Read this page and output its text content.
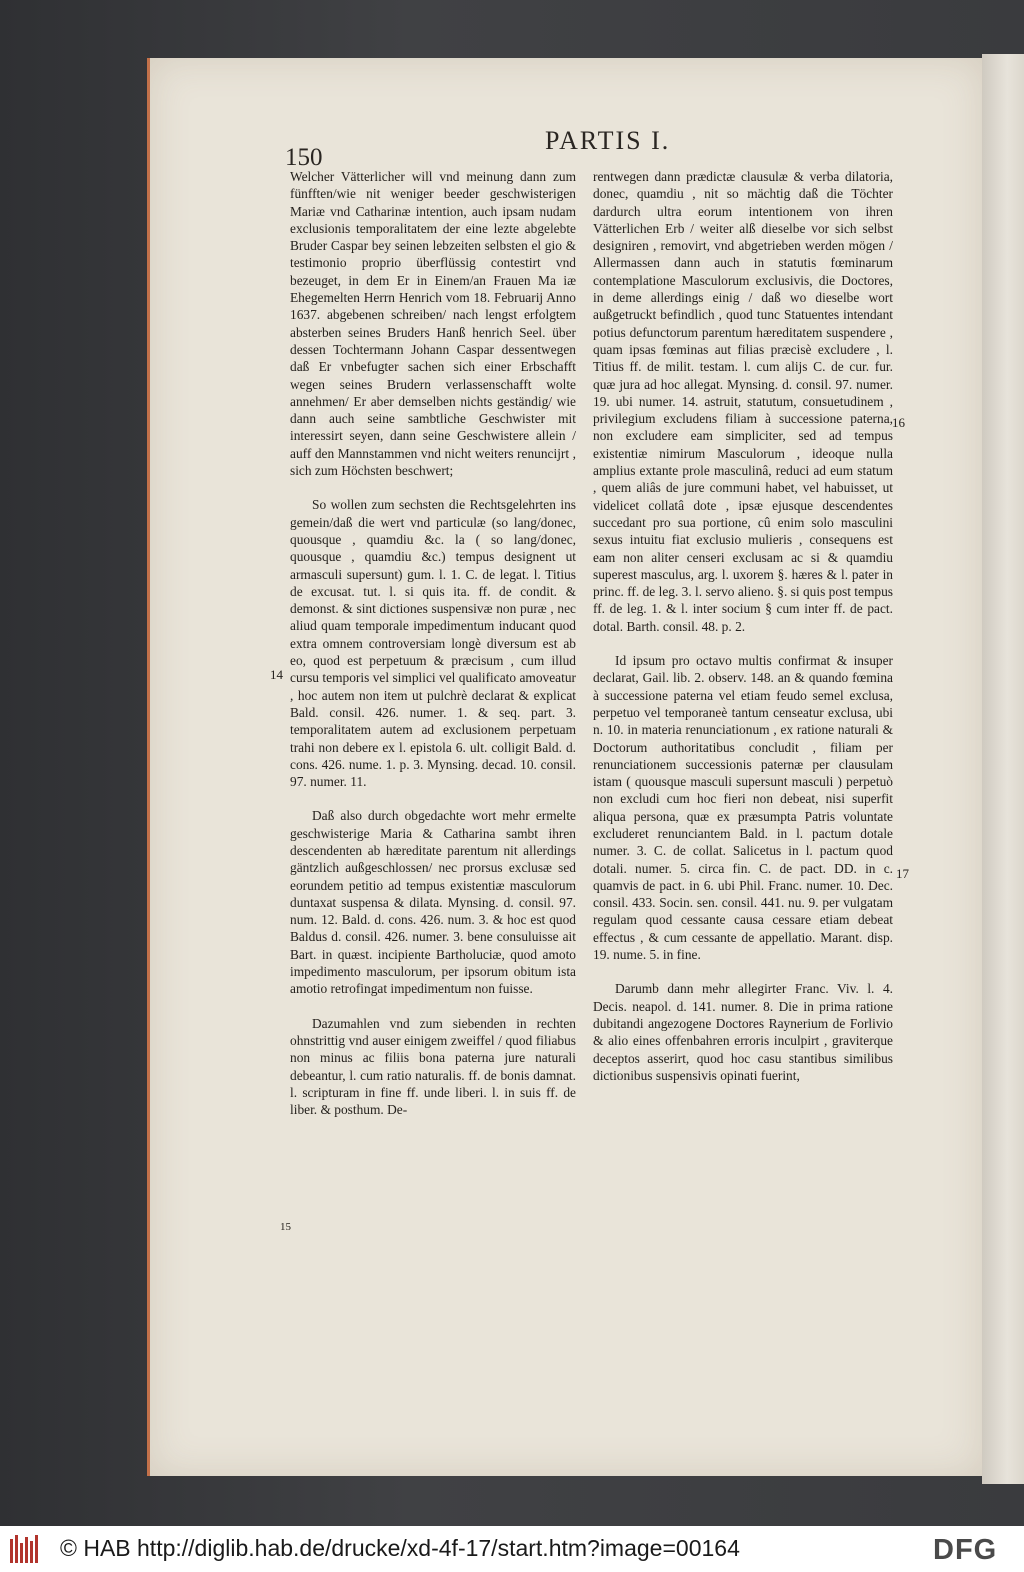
150
PARTIS I.

Welcher Vätterlicher will vnd meinung dann zum fünfften/wie nit weniger beeder geschwisterigen Mariæ vnd Catharinæ intention, auch ipsam nudam exclusionis temporalitatem der eine lezte abgelebte Bruder Caspar bey seinen lebzeiten selbsten el gio & testimonio proprio überflüssig contestirt vnd bezeuget, in dem Er in Einem/an Frauen Ma iæ Ehegemelten Herrn Henrich vom 18. Februarij Anno 1637. abgebenen schreiben/ nach lengst erfolgtem absterben seines Bruders Hanß henrich Seel. über dessen Tochtermann Johann Caspar dessentwegen daß Er vnbefugter sachen sich einer Erbschafft wegen seines Brudern verlassenschafft wolte annehmen/ Er aber demselben nichts geständig/ wie dann auch seine sambtliche Geschwister mit interessirt seyen, dann seine Geschwistere allein / auff den Mannstammen vnd nicht weiters renuncijrt , sich zum Höchsten beschwert;

So wollen zum sechsten die Rechtsgelehrten ins gemein/daß die wert vnd particulæ (so lang/donec, quousque , quamdiu &c. la ( so lang/donec, quousque , quamdiu &c.) tempus designent ut armasculi supersunt) gum. l. 1. C. de legat. l. Titius de excusat. tut. l. si quis ita. ff. de condit. & demonst. & sint dictiones suspensivæ non puræ , nec aliud quam temporale impedimentum inducant quod extra omnem controversiam longè diversum est ab eo, quod est perpetuum & præcisum , cum illud cursu temporis vel simplici vel qualificato amoveatur , hoc autem non item ut pulchrè declarat & explicat Bald. consil. 426. numer. 1. & seq. part. 3. temporalitatem autem ad exclusionem perpetuam trahi non debere ex l. epistola 6. ult. colligit Bald. d. cons. 426. nume. 1. p. 3. Mynsing. decad. 10. consil. 97. numer. 11.

Daß also durch obgedachte wort mehr ermelte geschwisterige Maria & Catharina sambt ihren descendenten ab hæreditate parentum nit allerdings gäntzlich außgeschlossen/ nec prorsus exclusæ sed eorundem petitio ad tempus existentiæ masculorum duntaxat suspensa & dilata. Mynsing. d. consil. 97. num. 12. Bald. d. cons. 426. num. 3. & hoc est quod Baldus d. consil. 426. numer. 3. bene consuluisse ait Bart. in quæst. incipiente Bartholuciæ, quod amoto impedimento masculorum, per ipsorum obitum ista amotio retrofingat impedimentum non fuisse.

Dazumahlen vnd zum siebenden in rechten ohnstrittig vnd auser einigem zweiffel / quod filiabus non minus ac filiis bona paterna jure naturali debeantur, l. cum ratio naturalis. ff. de bonis damnat. l. scripturam in fine ff. unde liberi. l. in suis ff. de liber. & posthum. De-

rentwegen dann prædictæ clausulæ & verba dilatoria, donec, quamdiu , nit so mächtig daß die Töchter dardurch ultra eorum intentionem von ihren Vätterlichen Erb / weiter alß dieselbe vor sich selbst designiren , removirt, vnd abgetrieben werden mögen / Allermassen dann auch in statutis fœminarum contemplatione Masculorum exclusivis, die Doctores, in deme allerdings einig / daß wo dieselbe wort außgetruckt befindlich , quod tunc Statuentes intendant potius defunctorum parentum hæreditatem suspendere , quam ipsas fœminas aut filias præcisè excludere , l. Titius ff. de milit. testam. l. cum alijs C. de cur. fur. quæ jura ad hoc allegat. Mynsing. d. consil. 97. numer. 19. ubi numer. 14. astruit, statutum, consuetudinem , privilegium excludens filiam à successione paterna, non excludere eam simpliciter, sed ad tempus existentiæ nimirum Masculorum , ideoque nulla amplius extante prole masculinâ, reduci ad eum statum , quem aliâs de jure communi habet, vel habuisset, ut videlicet collatâ dote , ipsæ ejusque descendentes succedant pro sua portione, cû enim solo masculini sexus intuitu fiat exclusio mulieris , consequens est eam non aliter censeri exclusam ac si & quamdiu superest masculus, arg. l. uxorem §. hæres & l. pater in princ. ff. de leg. 3. l. servo alieno. §. si quis post tempus ff. de leg. 1. & l. inter socium § cum inter ff. de pact. dotal. Barth. consil. 48. p. 2.

Id ipsum pro octavo multis confirmat & insuper declarat, Gail. lib. 2. observ. 148. an & quando fœmina à successione paterna vel etiam feudo semel exclusa, perpetuo vel temporaneè tantum censeatur exclusa, ubi n. 10. in materia renunciationum , ex ratione naturali & Doctorum authoritatibus concludit , filiam per renunciationem successionis paternæ per clausulam istam ( quousque masculi supersunt masculi ) perpetuò non excludi cum hoc fieri non debeat, nisi superfit aliqua persona, quæ ex præsumpta Patris voluntate excluderet renunciantem Bald. in l. pactum dotale numer. 3. C. de collat. Salicetus in l. pactum quod dotali. numer. 5. circa fin. C. de pact. DD. in c. quamvis de pact. in 6. ubi Phil. Franc. numer. 10. Dec. consil. 433. Socin. sen. consil. 441. nu. 9. per vulgatam regulam quod cessante causa cessare etiam debeat effectus , & cum cessante de appellatio. Marant. disp. 19. nume. 5. in fine.

Darumb dann mehr allegirter Franc. Viv. l. 4. Decis. neapol. d. 141. numer. 8. Die in prima ratione dubitandi angezogene Doctores Raynerium de Forlivio & alio eines offenbahren erroris inculpirt , graviterque deceptos asserirt, quod hoc casu stantibus similibus dictionibus suspensivis opinati fuerint,

14
15
16
17
© HAB http://diglib.hab.de/drucke/xd-4f-17/start.htm?image=00164	DFG
